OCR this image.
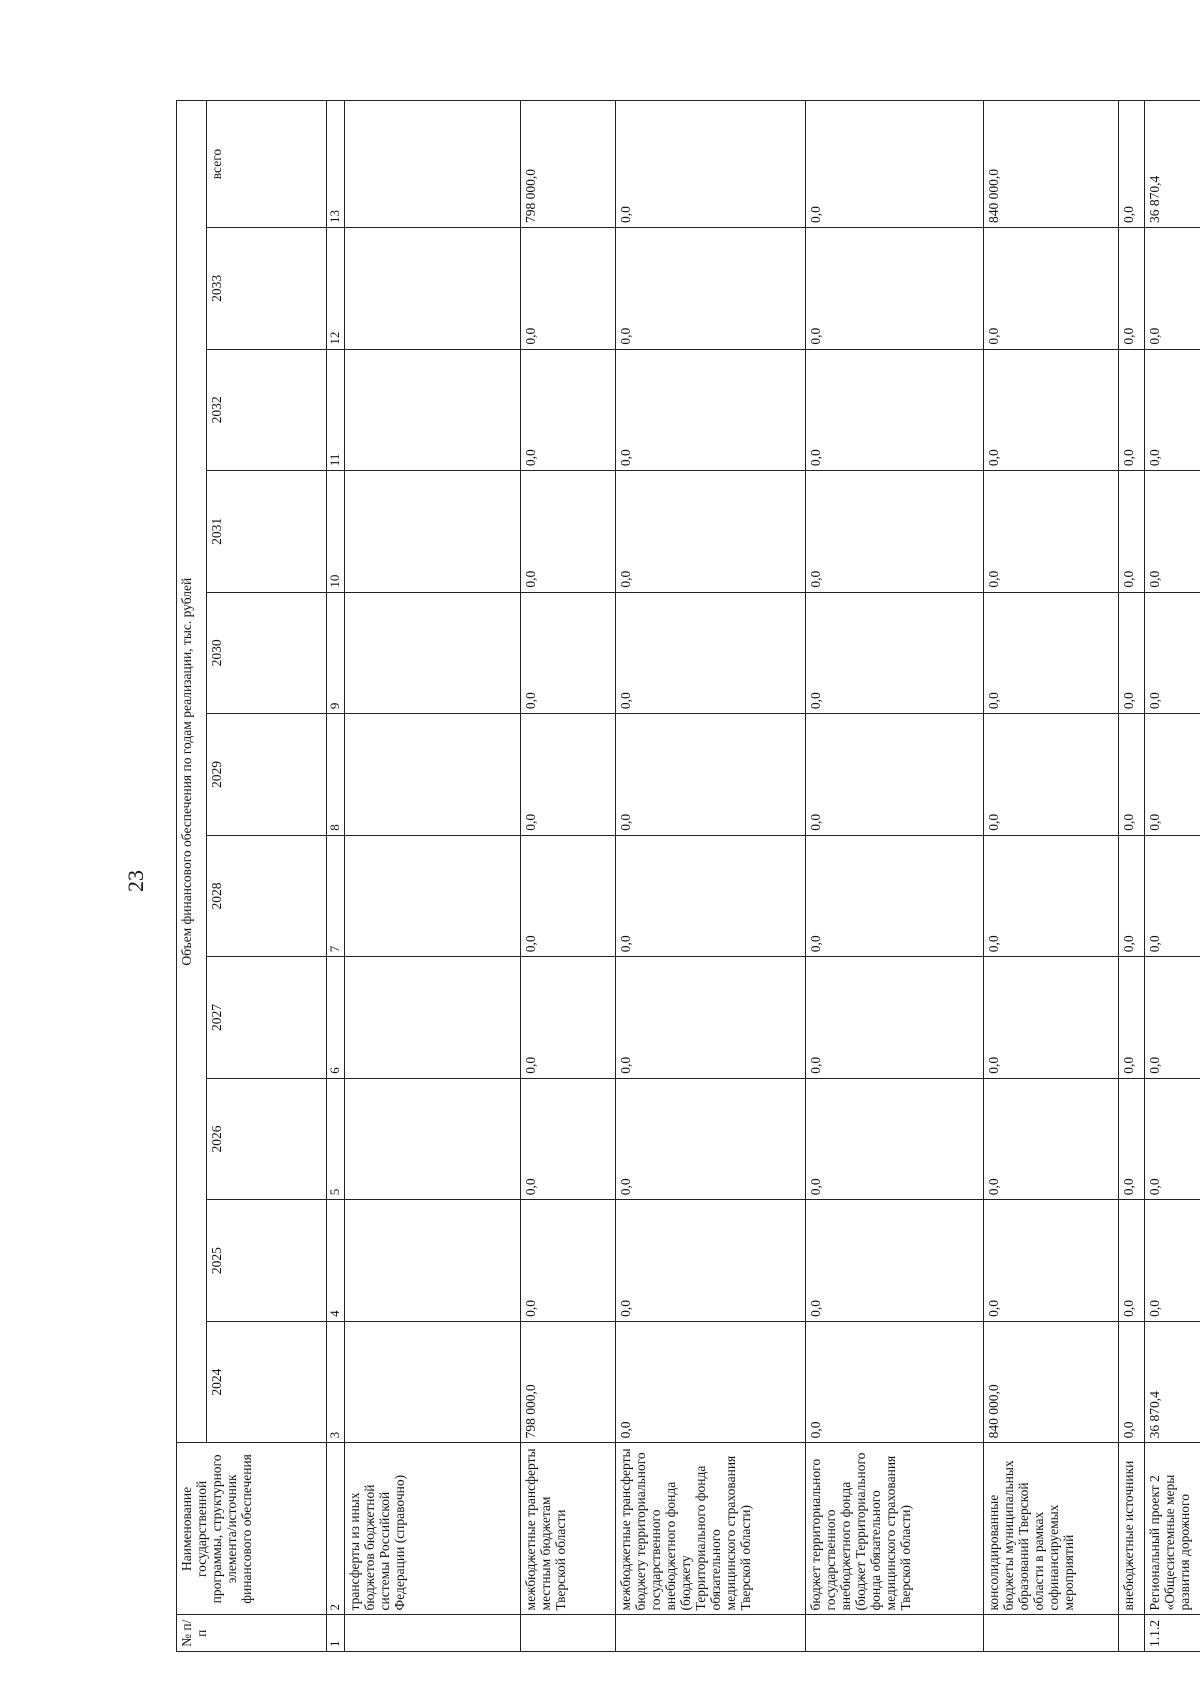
23
№ п/п	Наименование государственной программы, структурного элемента/источник финансового обеспечения	Объем финансового обеспечения по годам реализации, тыс. рублей										
		2024	2025	2026	2027	2028	2029	2030	2031	2032	2033	всего
1	2	3	4	5	6	7	8	9	10	11	12	13
	трансферты из иных бюджетов бюджетной системы Российской Федерации (справочно)											
	межбюджетные трансферты местным бюджетам Тверской области	798 000,0	0,0	0,0	0,0	0,0	0,0	0,0	0,0	0,0	0,0	798 000,0
	межбюджетные трансферты бюджету территориального государственного внебюджетного фонда (бюджету Территориального фонда обязательного медицинского страхования Тверской области)	0,0	0,0	0,0	0,0	0,0	0,0	0,0	0,0	0,0	0,0	0,0
	бюджет территориального государственного внебюджетного фонда (бюджет Территориального фонда обязательного медицинского страхования Тверской области)	0,0	0,0	0,0	0,0	0,0	0,0	0,0	0,0	0,0	0,0	0,0
	консолидированные бюджеты муниципальных образований Тверской области в рамках софинансируемых мероприятий	840 000,0	0,0	0,0	0,0	0,0	0,0	0,0	0,0	0,0	0,0	840 000,0
	внебюджетные источники	0,0	0,0	0,0	0,0	0,0	0,0	0,0	0,0	0,0	0,0	0,0
1.1.2	Региональный проект 2 «Общесистемные меры развития дорожного	36 870,4	0,0	0,0	0,0	0,0	0,0	0,0	0,0	0,0	0,0	36 870,4
